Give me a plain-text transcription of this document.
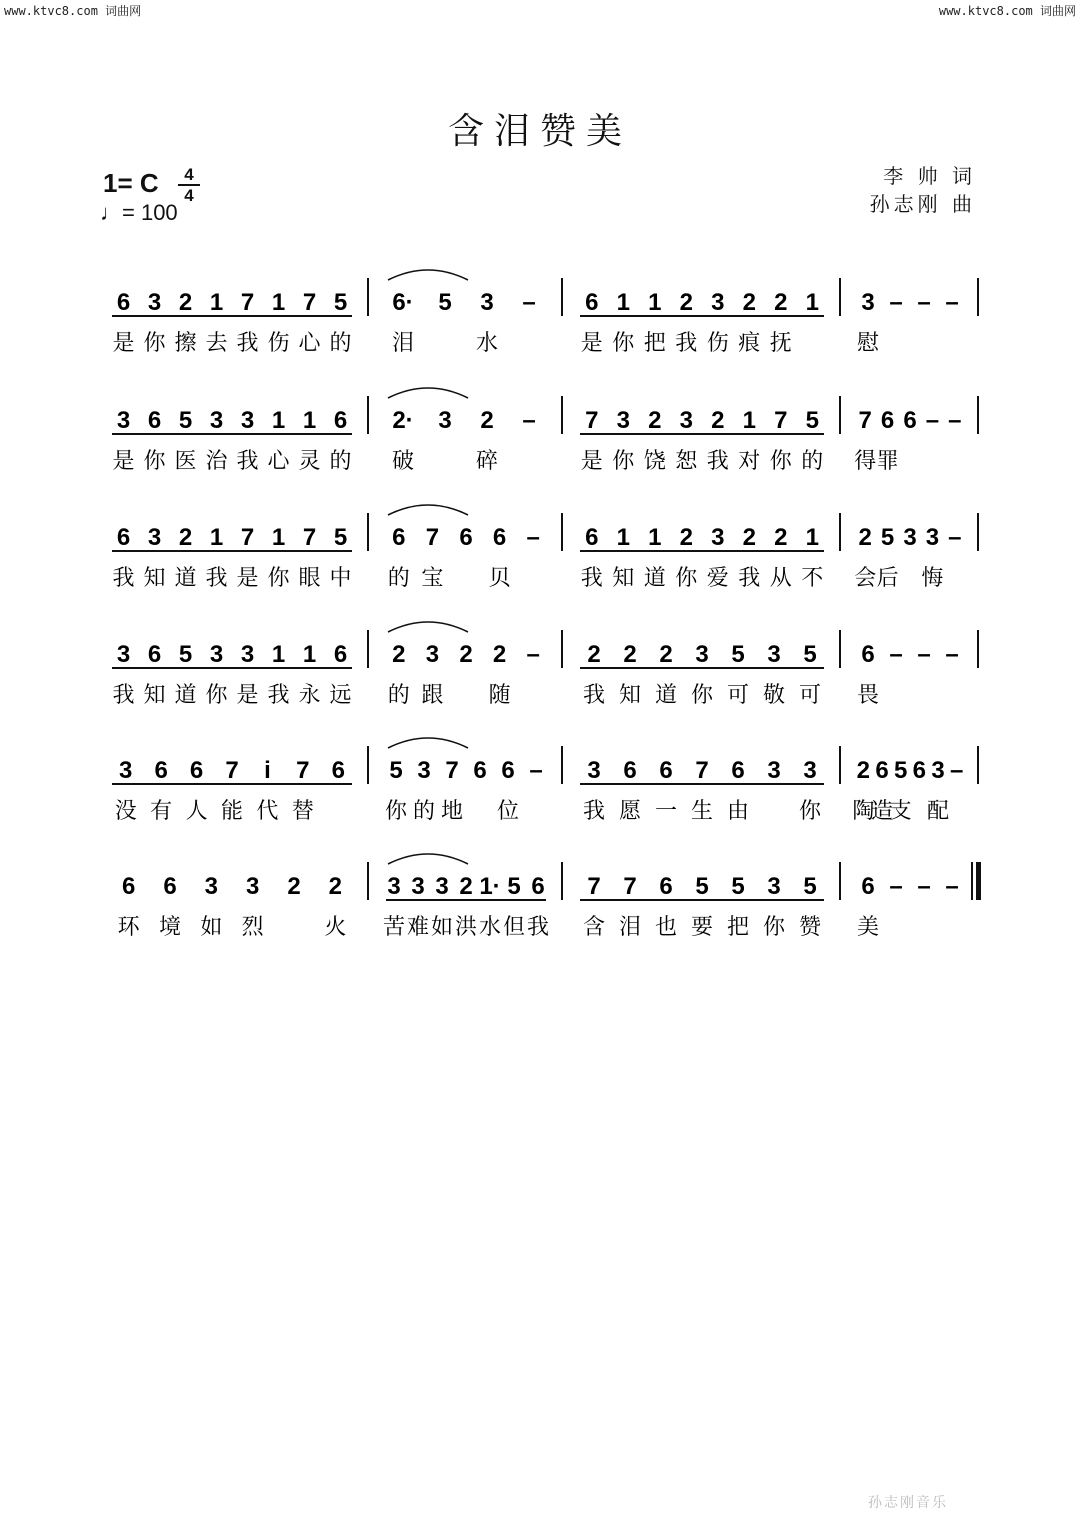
www.ktvc8.com 词曲网	www.ktvc8.com 词曲网
含泪赞美
1= C	4
4
♩= 100
李 帅 词
孙志刚 曲
6
是
3
你
2
擦
1
去
7
我
1
伤
7
心
5
的
6·
泪
5 3
水
– 6
是
1
你
1
把
2
我
3
伤
2
痕
2
抚
1 3
慰
– – –
3
是
6
你
5
医
3
治
3
我
1
心
1
灵
6
的
2·
破
3 2
碎
– 7
是
3
你
2
饶
3
恕
2
我
1
对
7
你
5
的
7
得
6
罪
6 – –
6
我
3
知
2
道
1
我
7
是
1
你
7
眼
5
中
6
的
7
宝
6 6
贝
– 6
我
1
知
1
道
2
你
3
爱
2
我
2
从
1
不
2
会
5
后
3 3
悔
–
3
我
6
知
5
道
3
你
3
是
1
我
1
永
6
远
2
的
3
跟
2 2
随
– 2
我
2
知
2
道
3
你
5
可
3
敬
5
可
6
畏
– – –
3
没
6
有
6
人
7
能
i
代
7
替
6 5
你
3
的
7
地
6 6
位
– 3
我
6
愿
6
一
7
生
6
由
3 3
你
2
陶
6
造
5
支
6 3
配
–
6
环
6
境
3
如
3
烈
2 2
火
3
苦
3
难
3
如
2
洪
1·
水
5
但
6
我
7
含
7
泪
6
也
5
要
5
把
3
你
5
赞
6
美
– – –
孙志刚音乐
